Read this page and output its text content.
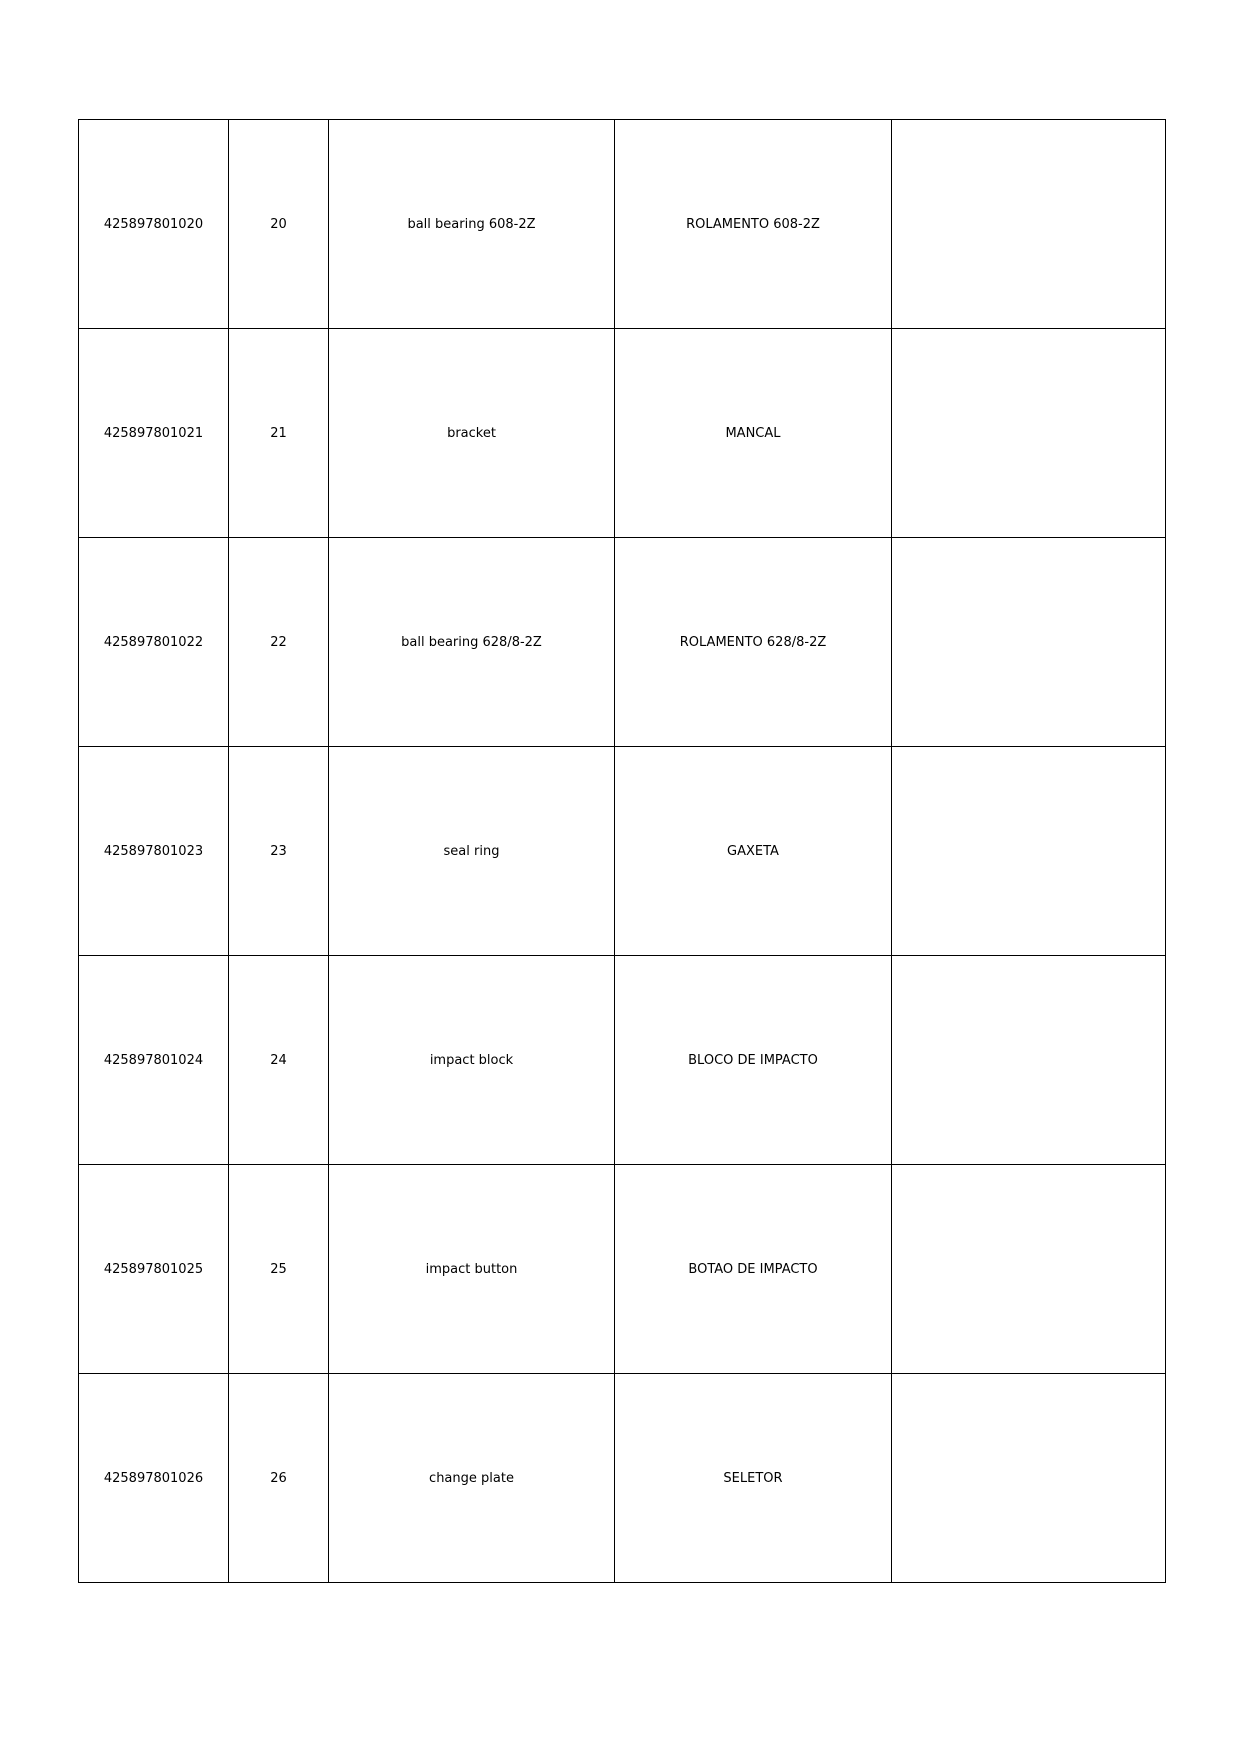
425897801020	20	ball bearing 608-2Z	ROLAMENTO 608-2Z	
425897801021	21	bracket	MANCAL	
425897801022	22	ball bearing 628/8-2Z	ROLAMENTO 628/8-2Z	
425897801023	23	seal ring	GAXETA	
425897801024	24	impact block	BLOCO DE IMPACTO	
425897801025	25	impact button	BOTAO DE IMPACTO	
425897801026	26	change plate	SELETOR	
